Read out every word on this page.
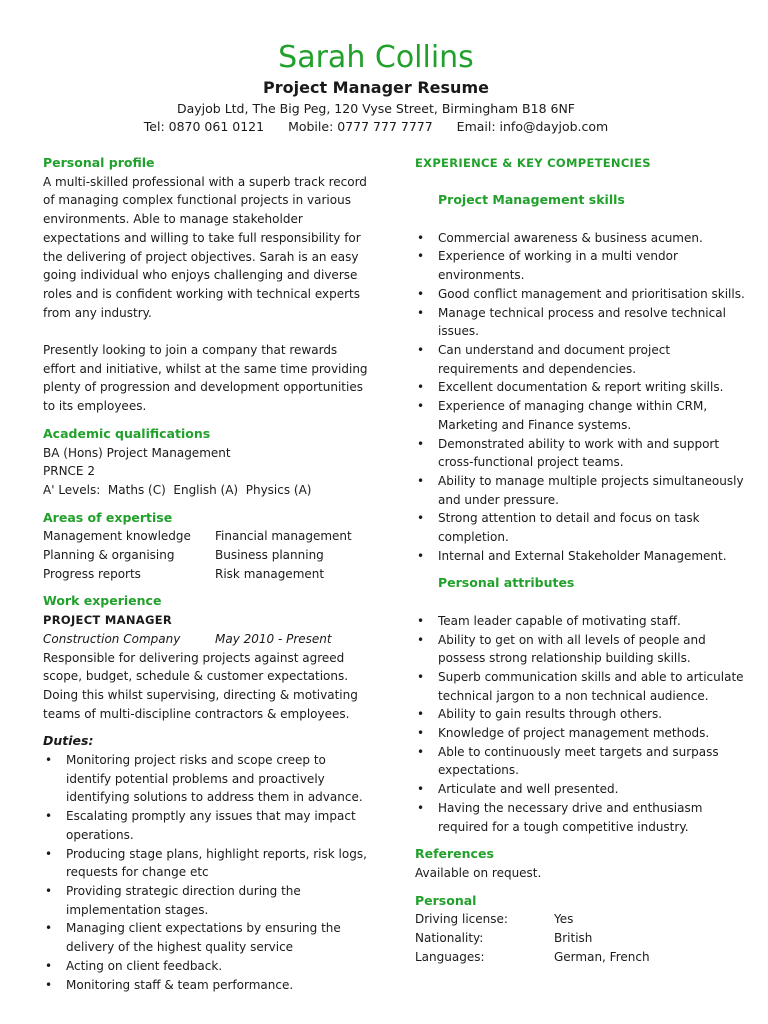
Sarah Collins
Project Manager Resume
Dayjob Ltd, The Big Peg, 120 Vyse Street, Birmingham B18 6NF
Tel: 0870 061 0121 Mobile: 0777 777 7777 Email: info@dayjob.com
Personal profile

A multi-skilled professional with a superb track record of managing complex functional projects in various environments. Able to manage stakeholder expectations and willing to take full responsibility for the delivering of project objectives. Sarah is an easy going individual who enjoys challenging and diverse roles and is confident working with technical experts from any industry.

Presently looking to join a company that rewards effort and initiative, whilst at the same time providing plenty of progression and development opportunities to its employees.

Academic qualifications
BA (Hons) Project Management
PRNCE 2
A' Levels:  Maths (C)  English (A)  Physics (A)
Areas of expertise
Management knowledge	Financial management
Planning & organising	Business planning
Progress reports	Risk management
Work experience
PROJECT MANAGER
Construction Company	May 2010 - Present

Responsible for delivering projects against agreed scope, budget, schedule & customer expectations. Doing this whilst supervising, directing & motivating teams of multi-discipline contractors & employees.

Duties:
• Monitoring project risks and scope creep to identify potential problems and proactively identifying solutions to address them in advance.
• Escalating promptly any issues that may impact operations.
• Producing stage plans, highlight reports, risk logs, requests for change etc
• Providing strategic direction during the implementation stages.
• Managing client expectations by ensuring the delivery of the highest quality service
• Acting on client feedback.
• Monitoring staff & team performance.
EXPERIENCE & KEY COMPETENCIES
Project Management skills
• Commercial awareness & business acumen.
• Experience of working in a multi vendor environments.
• Good conflict management and prioritisation skills.
• Manage technical process and resolve technical issues.
• Can understand and document project requirements and dependencies.
• Excellent documentation & report writing skills.
• Experience of managing change within CRM, Marketing and Finance systems.
• Demonstrated ability to work with and support cross-functional project teams.
• Ability to manage multiple projects simultaneously and under pressure.
• Strong attention to detail and focus on task completion.
• Internal and External Stakeholder Management.
Personal attributes
• Team leader capable of motivating staff.
• Ability to get on with all levels of people and possess strong relationship building skills.
• Superb communication skills and able to articulate technical jargon to a non technical audience.
• Ability to gain results through others.
• Knowledge of project management methods.
• Able to continuously meet targets and surpass expectations.
• Articulate and well presented.
• Having the necessary drive and enthusiasm required for a tough competitive industry.
References
Available on request.
Personal
Driving license:	Yes
Nationality:	British
Languages:	German, French
